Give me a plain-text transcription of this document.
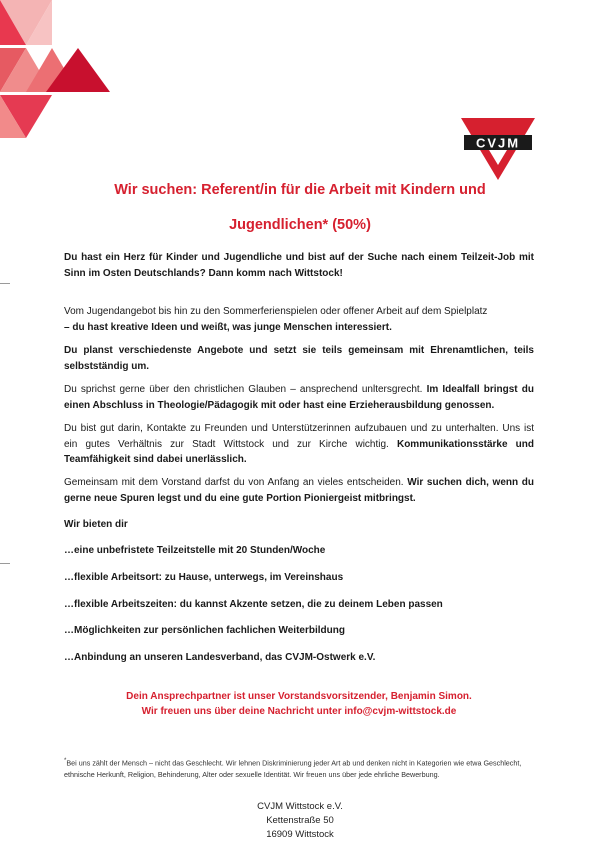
CVJM
Wir suchen: Referent/in für die Arbeit mit Kindern und
Jugendlichen* (50%)

Du hast ein Herz für Kinder und Jugendliche und bist auf der Suche nach einem Teilzeit-Job mit Sinn im Osten Deutschlands? Dann komm nach Wittstock!

Vom Jugendangebot bis hin zu den Sommerferienspielen oder offener Arbeit auf dem Spielplatz
– du hast kreative Ideen und weißt, was junge Menschen interessiert.

Du planst verschiedenste Angebote und setzt sie teils gemeinsam mit Ehrenamtlichen, teils selbstständig um.

Du sprichst gerne über den christlichen Glauben – ansprechend unltersgrecht. Im Idealfall bringst du einen Abschluss in Theologie/Pädagogik mit oder hast eine Erzieherausbildung genossen.

Du bist gut darin, Kontakte zu Freunden und Unterstützerinnen aufzubauen und zu unterhalten. Uns ist ein gutes Verhältnis zur Stadt Wittstock und zur Kirche wichtig. Kommunikationsstärke und Teamfähigkeit sind dabei unerlässlich.

Gemeinsam mit dem Vorstand darfst du von Anfang an vieles entscheiden. Wir suchen dich, wenn du gerne neue Spuren legst und du eine gute Portion Pioniergeist mitbringst.

Wir bieten dir

…eine unbefristete Teilzeitstelle mit 20 Stunden/Woche

…flexible Arbeitsort: zu Hause, unterwegs, im Vereinshaus

…flexible Arbeitszeiten: du kannst Akzente setzen, die zu deinem Leben passen

…Möglichkeiten zur persönlichen fachlichen Weiterbildung

…Anbindung an unseren Landesverband, das CVJM-Ostwerk e.V.

Dein Ansprechpartner ist unser Vorstandsvorsitzender, Benjamin Simon.

Wir freuen uns über deine Nachricht unter info@cvjm-wittstock.de

*Bei uns zählt der Mensch – nicht das Geschlecht. Wir lehnen Diskriminierung jeder Art ab und denken nicht in Kategorien wie etwa Geschlecht, ethnische Herkunft, Religion, Behinderung, Alter oder sexuelle Identität. Wir freuen uns über jede ehrliche Bewerbung.

CVJM Wittstock e.V.

Kettenstraße 50

16909 Wittstock
